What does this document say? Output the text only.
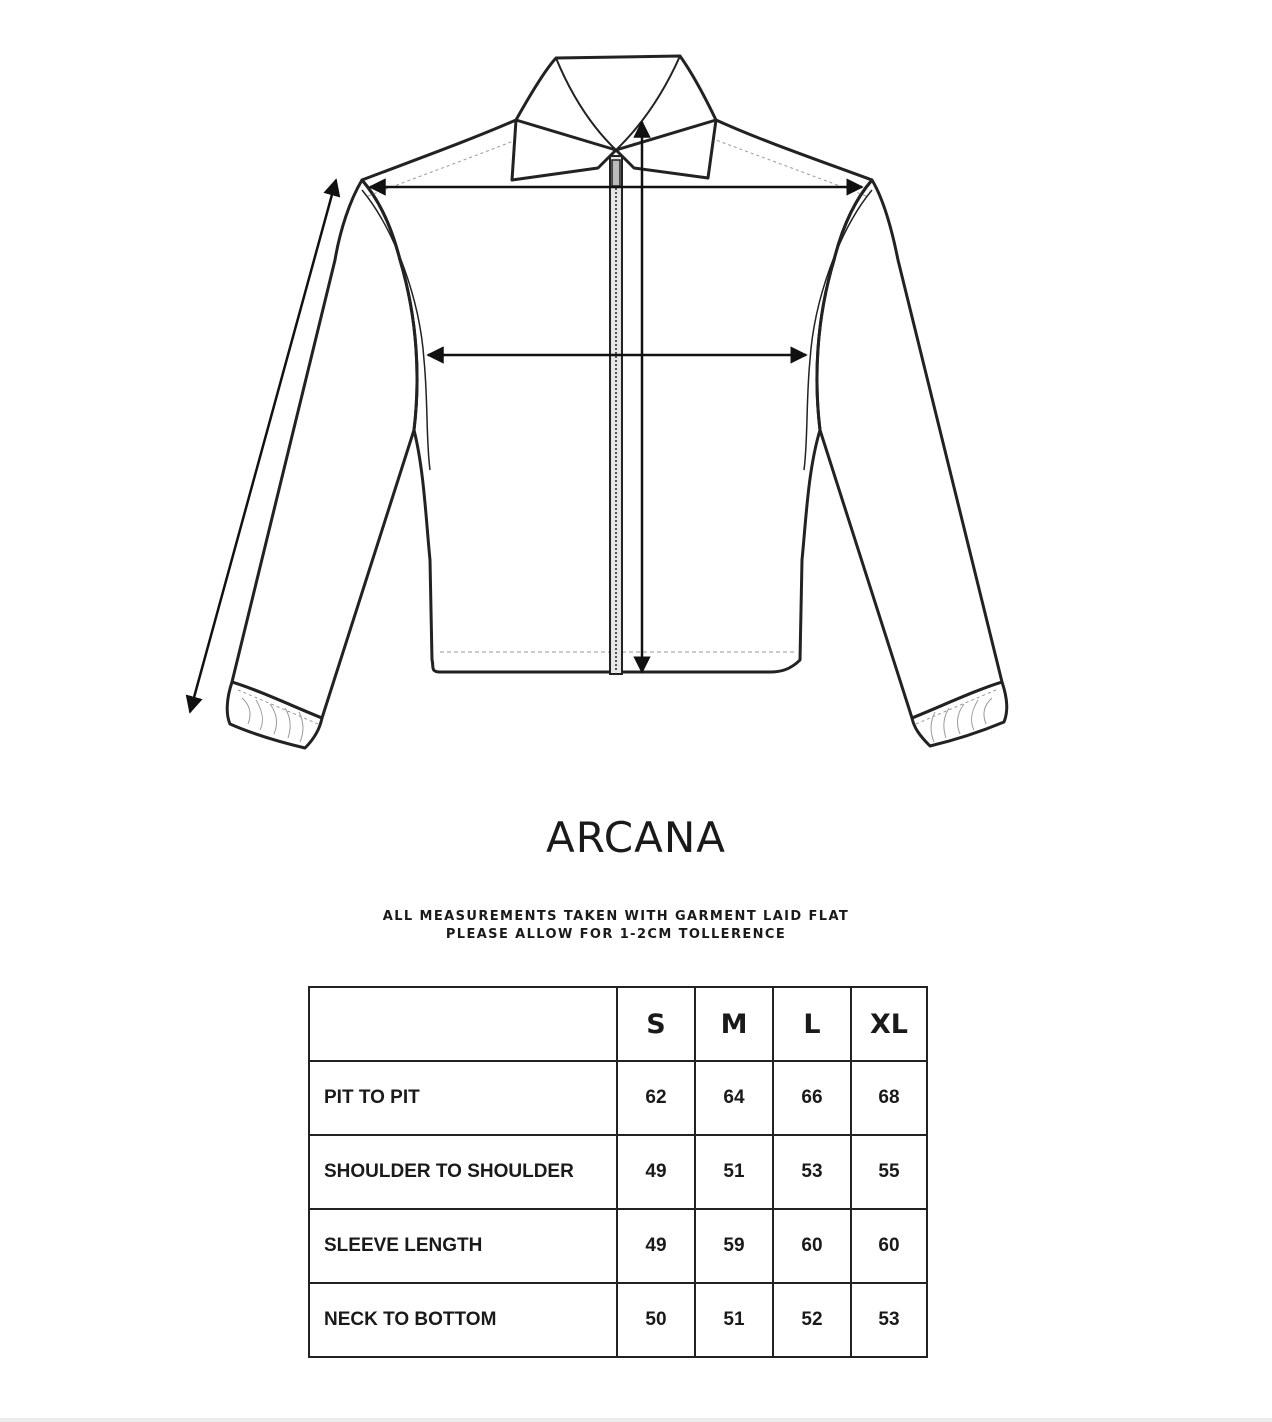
ARCANA
ALL MEASUREMENTS TAKEN WITH GARMENT LAID FLAT
PLEASE ALLOW FOR 1-2CM TOLLERENCE
	S	M	L	XL
PIT TO PIT	62	64	66	68
SHOULDER TO SHOULDER	49	51	53	55
SLEEVE LENGTH	49	59	60	60
NECK TO BOTTOM	50	51	52	53
